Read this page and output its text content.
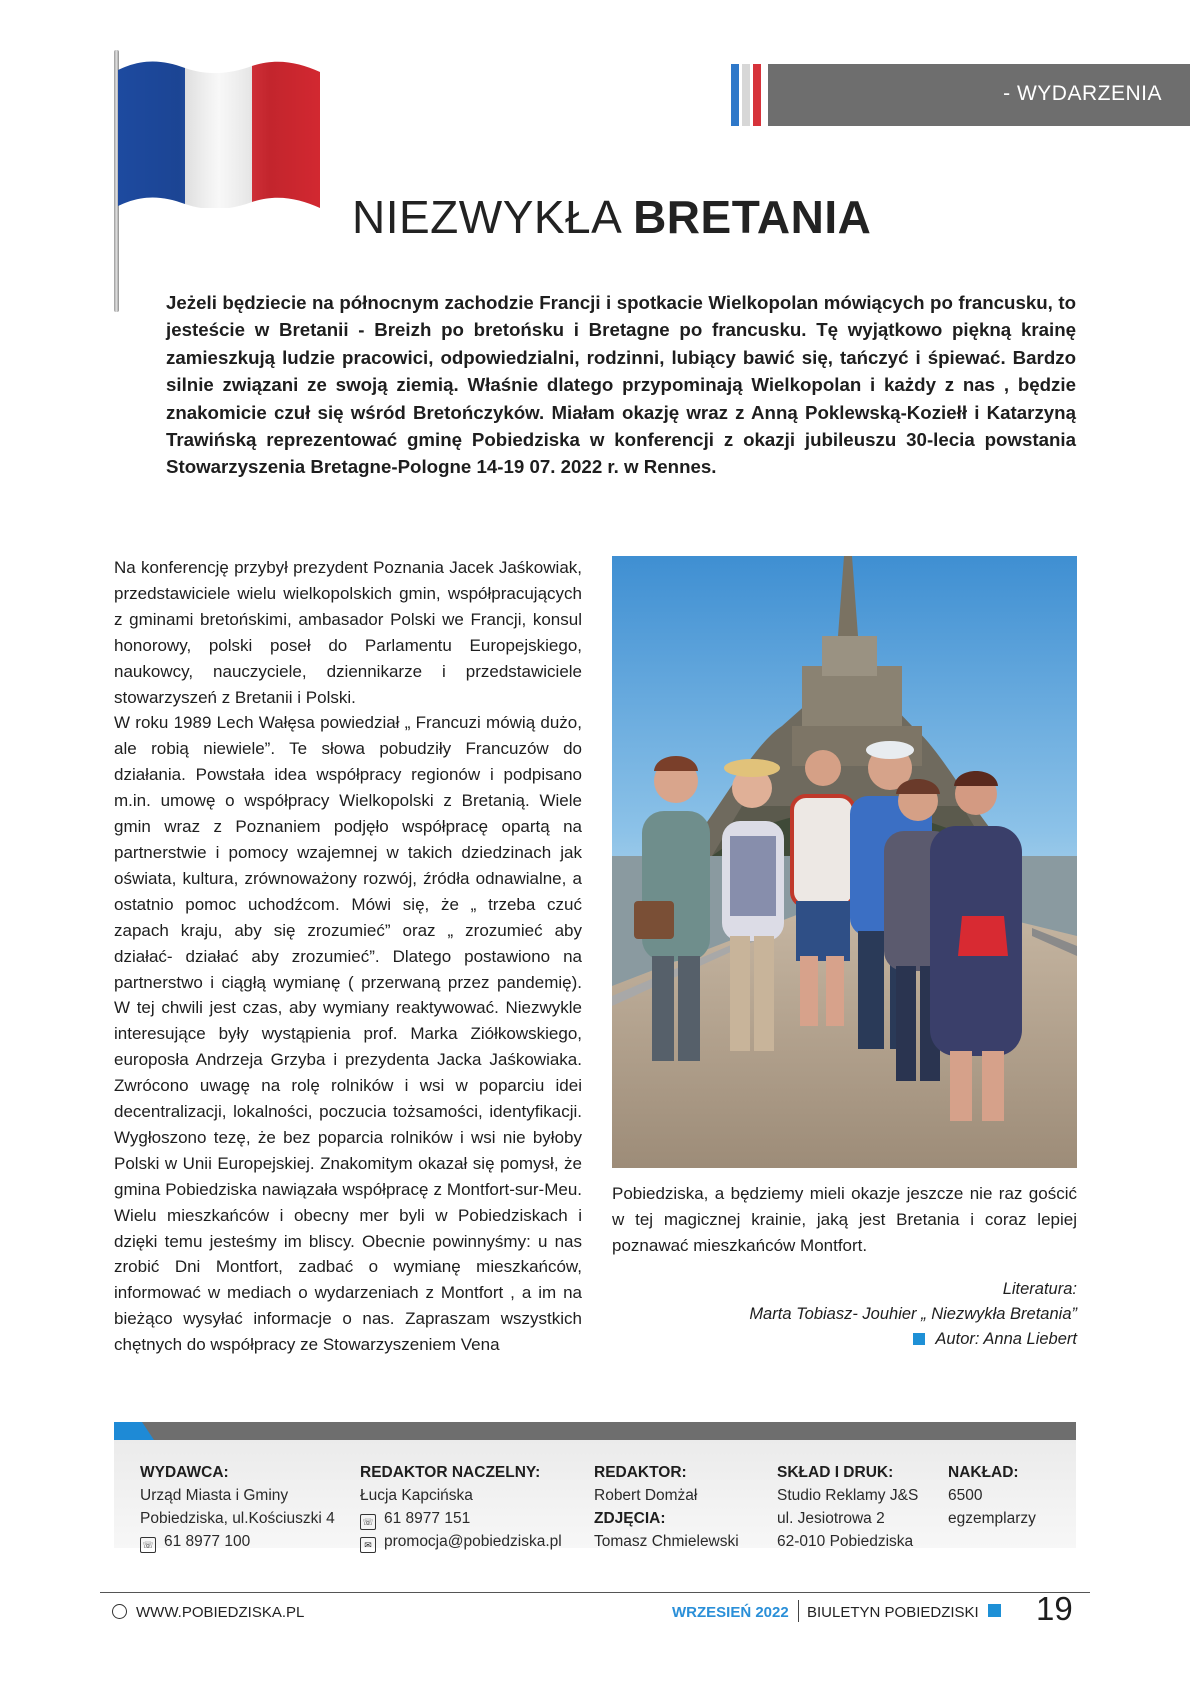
- WYDARZENIA
NIEZWYKŁA BRETANIA
Jeżeli będziecie na północnym zachodzie Francji i spotkacie Wielkopolan mówiących po francusku, to jesteście w Bretanii - Breizh po bretońsku i Bretagne po francusku. Tę wyjątkowo piękną krainę zamieszkują ludzie pracowici, odpowiedzialni, rodzinni, lubiący bawić się, tańczyć i śpiewać. Bardzo silnie związani ze swoją ziemią. Właśnie dlatego przypominają Wielkopolan i każdy z nas , będzie znakomicie czuł się wśród Bretończyków. Miałam okazję wraz z Anną Poklewską-Koziełł i Katarzyną Trawińską reprezentować gminę Pobiedziska w konferencji z okazji jubileuszu 30-lecia powstania Stowarzyszenia Bretagne-Pologne 14-19 07. 2022 r. w Rennes.

Na konferencję przybył prezydent Poznania Jacek Jaśkowiak, przedstawiciele wielu wielkopolskich gmin, współpracujących z gminami bretońskimi, ambasador Polski we Francji, konsul honorowy, polski poseł do Parlamentu Europejskiego, naukowcy, nauczyciele, dziennikarze i przedstawiciele stowarzyszeń z Bretanii i Polski.

W roku 1989 Lech Wałęsa powiedział „ Francuzi mówią dużo, ale robią niewiele”. Te słowa pobudziły Francuzów do działania. Powstała idea współpracy regionów i podpisano m.in. umowę o współpracy Wielkopolski z Bretanią. Wiele gmin wraz z Poznaniem podjęło współpracę opartą na partnerstwie i pomocy wzajemnej w takich dziedzinach jak oświata, kultura, zrównoważony rozwój, źródła odnawialne, a ostatnio pomoc uchodźcom. Mówi się, że „ trzeba czuć zapach kraju, aby się zrozumieć” oraz „ zrozumieć aby działać- działać aby zrozumieć”. Dlatego postawiono na partnerstwo i ciągłą wymianę ( przerwaną przez pandemię). W tej chwili jest czas, aby wymiany reaktywować. Niezwykle interesujące były wystąpienia prof. Marka Ziółkowskiego, europosła Andrzeja Grzyba i prezydenta Jacka Jaśkowiaka. Zwrócono uwagę na rolę rolników i wsi w poparciu idei decentralizacji, lokalności, poczucia tożsamości, identyfikacji. Wygłoszono tezę, że bez poparcia rolników i wsi nie byłoby Polski w Unii Europejskiej. Znakomitym okazał się pomysł, że gmina Pobiedziska nawiązała współpracę z Montfort-sur-Meu. Wielu mieszkańców i obecny mer byli w Pobiedziskach i dzięki temu jesteśmy im bliscy. Obecnie powinnyśmy: u nas zrobić Dni Montfort, zadbać o wymianę mieszkańców, informować w mediach o wydarzeniach z Montfort , a im na bieżąco wysyłać informacje o nas. Zapraszam wszystkich chętnych do współpracy ze Stowarzyszeniem Vena

Pobiedziska, a będziemy mieli okazje jeszcze nie raz gościć w tej magicznej krainie, jaką jest Bretania i coraz lepiej poznawać mieszkańców Montfort.

Literatura:
Marta Tobiasz- Jouhier „ Niezwykła Bretania”
Autor: Anna Liebert
WYDAWCA:
Urząd Miasta i Gminy
Pobiedziska, ul.Kościuszki 4
☏ 61 8977 100
REDAKTOR NACZELNY:
Łucja Kapcińska
☏ 61 8977 151
✉ promocja@pobiedziska.pl
REDAKTOR:
Robert Domżał
ZDJĘCIA:
Tomasz Chmielewski
SKŁAD I DRUK:
Studio Reklamy J&S
ul. Jesiotrowa 2
62-010 Pobiedziska
NAKŁAD:
6500
egzemplarzy
WWW.POBIEDZISKA.PL	WRZESIEŃ 2022 BIULETYN POBIEDZISKI 19
